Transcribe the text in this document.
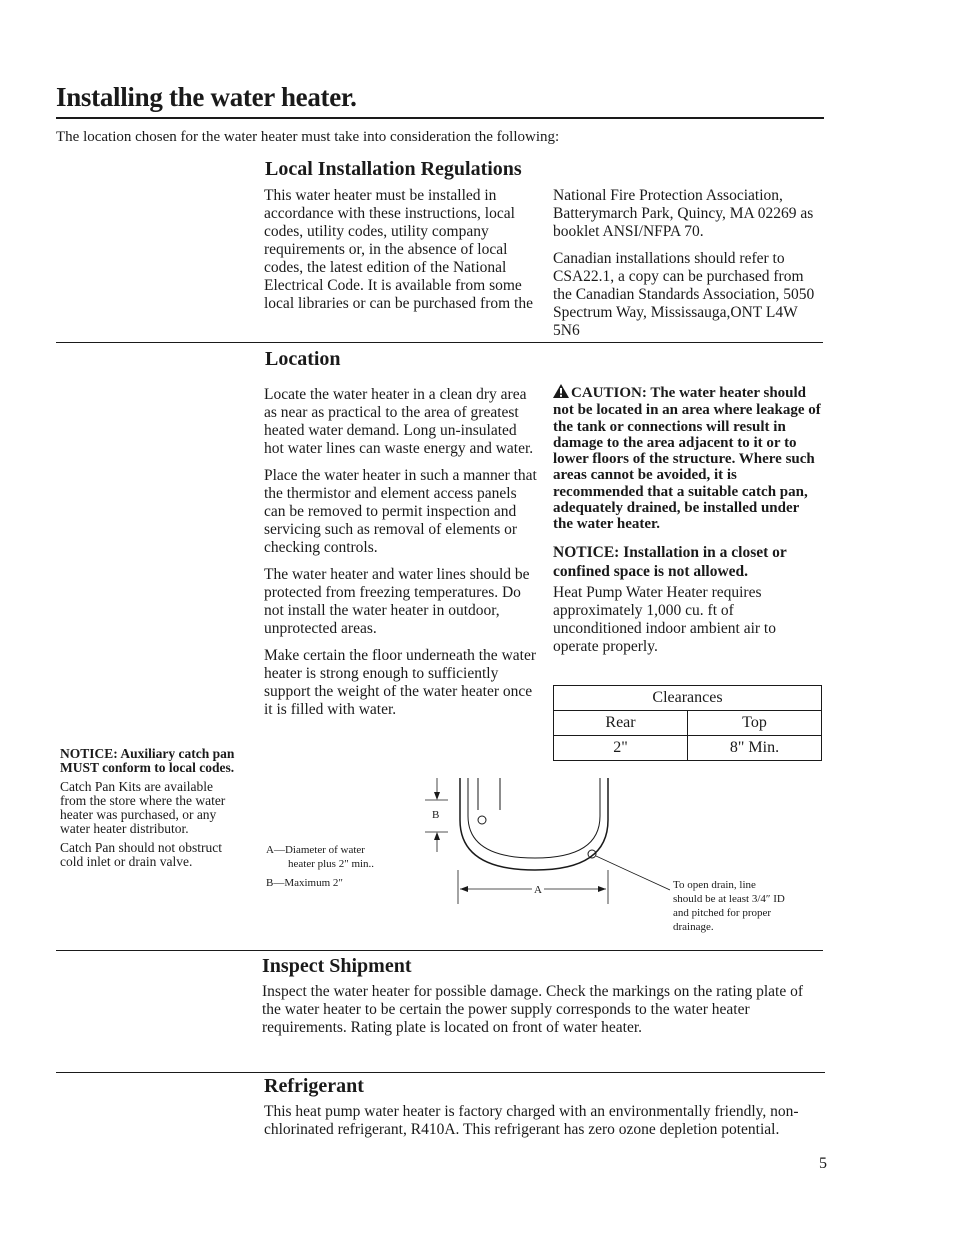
Installing the water heater.
The location chosen for the water heater must take into consideration the following:
Local Installation Regulations

This water heater must be installed in accordance with these instructions, local codes, utility codes, utility company requirements or, in the absence of local codes, the latest edition of the National Electrical Code. It is available from some local libraries or can be purchased from the

National Fire Protection Association, Batterymarch Park, Quincy, MA 02269 as booklet ANSI/NFPA 70.

Canadian installations should refer to CSA22.1, a copy can be purchased from the Canadian Standards Association, 5050 Spectrum Way, Mississauga,ONT L4W 5N6

Location

Locate the water heater in a clean dry area as near as practical to the area of greatest heated water demand. Long un-insulated hot water lines can waste energy and water.

Place the water heater in such a manner that the thermistor and element access panels can be removed to permit inspection and servicing such as removal of elements or checking controls.

The water heater and water lines should be protected from freezing temperatures. Do not install the water heater in outdoor, unprotected areas.

Make certain the floor underneath the water heater is strong enough to sufficiently support the weight of the water heater once it is filled with water.

CAUTION: The water heater should not be located in an area where leakage of the tank or connections will result in damage to the area adjacent to it or to lower floors of the structure. Where such areas cannot be avoided, it is recommended that a suitable catch pan, adequately drained, be installed under the water heater.
NOTICE: Installation in a closet or confined space is not allowed.
Heat Pump Water Heater requires approximately 1,000 cu. ft of unconditioned indoor ambient air to operate properly.
Clearances	
Rear	Top
2"	8" Min.

NOTICE: Auxiliary catch pan MUST conform to local codes.

Catch Pan Kits are available from the store where the water heater was purchased, or any water heater distributor.

Catch Pan should not obstruct cold inlet or drain valve.

B
A
A—Diameter of water
heater plus 2" min..
B—Maximum 2″	To open drain, line
should be at least 3/4″ ID
and pitched for proper
drainage.
Inspect Shipment
Inspect the water heater for possible damage. Check the markings on the rating plate of the water heater to be certain the power supply corresponds to the water heater requirements. Rating plate is located on front of water heater.
Refrigerant
This heat pump water heater is factory charged with an environmentally friendly, non-chlorinated refrigerant, R410A. This refrigerant has zero ozone depletion potential.
5
